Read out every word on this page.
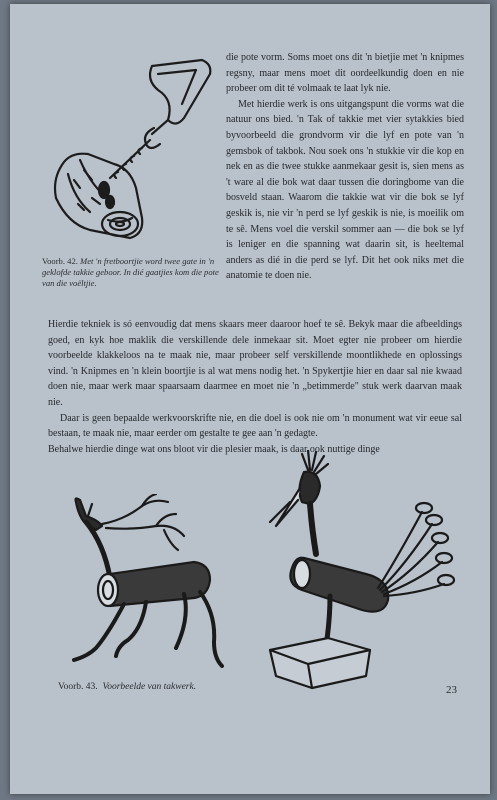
Voorb. 42. Met 'n fretboortjie word twee gate in 'n geklofde takkie geboor. In dié gaatjies kom die pote van die voëltjie.

die pote vorm. Soms moet ons dit 'n bietjie met 'n knipmes regsny, maar mens moet dit oordeelkundig doen en nie probeer om dit té volmaak te laat lyk nie.

Met hierdie werk is ons uitgangspunt die vorms wat die natuur ons bied. 'n Tak of takkie met vier sytakkies bied byvoorbeeld die grondvorm vir die lyf en pote van 'n gemsbok of takbok. Nou soek ons 'n stukkie vir die kop en nek en as die twee stukke aanmekaar gesit is, sien mens as 't ware al die bok wat daar tussen die doringbome van die bosveld staan. Waarom die takkie wat vir die bok se lyf geskik is, nie vir 'n perd se lyf geskik is nie, is moeilik om te sê. Mens voel die verskil sommer aan — die bok se lyf is leniger en die spanning wat daarin sit, is heeltemal anders as dié in die perd se lyf. Dit het ook niks met die anatomie te doen nie.

Hierdie tekniek is só eenvoudig dat mens skaars meer daaroor hoef te sê. Bekyk maar die afbeeldings goed, en kyk hoe maklik die verskillende dele inmekaar sit. Moet egter nie probeer om hierdie voorbeelde klakkeloos na te maak nie, maar probeer self verskillende moontlikhede en oplossings vind. 'n Knipmes en 'n klein boortjie is al wat mens nodig het. 'n Spykertjie hier en daar sal nie kwaad doen nie, maar werk maar spaarsaam daarmee en moet nie 'n „betimmerde" stuk werk daarvan maak nie.

Daar is geen bepaalde werkvoorskrifte nie, en die doel is ook nie om 'n monument wat vir eeue sal bestaan, te maak nie, maar eerder om gestalte te gee aan 'n gedagte.

Behalwe hierdie dinge wat ons bloot vir die plesier maak, is daar ook nuttige dinge

Voorb. 43. Voorbeelde van takwerk.	23
